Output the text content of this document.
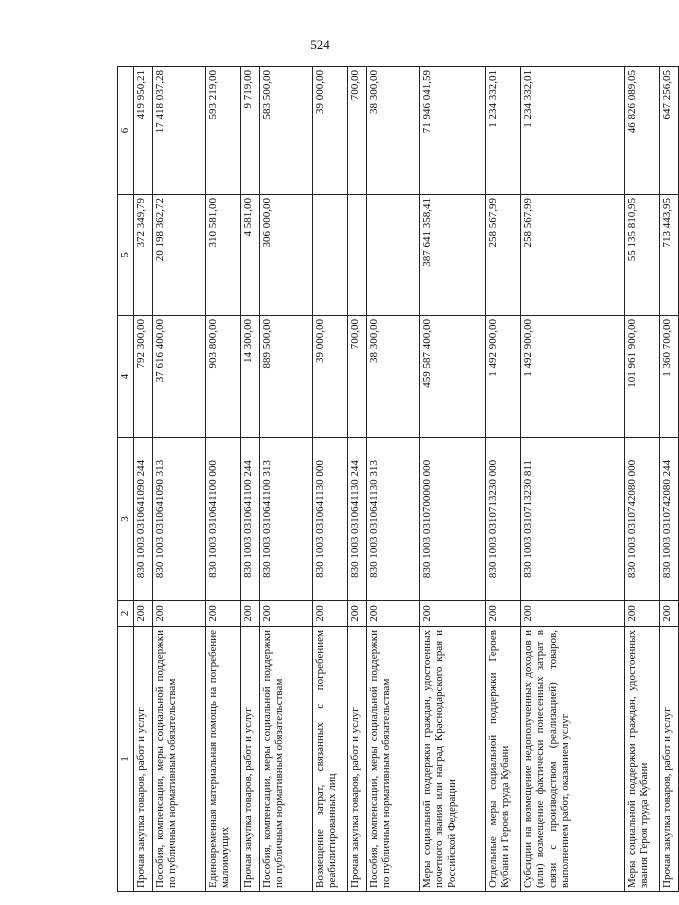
524
1	2	3	4	5	6
Прочая закупка товаров, работ и услуг	200	830 1003 0310641090 244	792 300,00	372 349,79	419 950,21
Пособия, компенсации, меры социальной поддержки по публичным нормативным обязательствам	200	830 1003 0310641090 313	37 616 400,00	20 198 362,72	17 418 037,28
Единовременная материальная помощь на погребение малоимущих	200	830 1003 0310641100 000	903 800,00	310 581,00	593 219,00
Прочая закупка товаров, работ и услуг	200	830 1003 0310641100 244	14 300,00	4 581,00	9 719,00
Пособия, компенсации, меры социальной поддержки по публичным нормативным обязательствам	200	830 1003 0310641100 313	889 500,00	306 000,00	583 500,00
Возмещение затрат, связанных с погребением реабилитированных лиц	200	830 1003 0310641130 000	39 000,00		39 000,00
Прочая закупка товаров, работ и услуг	200	830 1003 0310641130 244	700,00		700,00
Пособия, компенсации, меры социальной поддержки по публичным нормативным обязательствам	200	830 1003 0310641130 313	38 300,00		38 300,00
Меры социальной поддержки граждан, удостоенных почетного звания или наград Краснодарского края и Российской Федерации	200	830 1003 0310700000 000	459 587 400,00	387 641 358,41	71 946 041,59
Отдельные меры социальной поддержки Героев Кубани и Героев труда Кубани	200	830 1003 0310713230 000	1 492 900,00	258 567,99	1 234 332,01
Субсидии на возмещение недополученных доходов и (или) возмещение фактически понесенных затрат в связи с производством (реализацией) товаров, выполнением работ, оказанием услуг	200	830 1003 0310713230 811	1 492 900,00	258 567,99	1 234 332,01
Меры социальной поддержки граждан, удостоенных звания Героя труда Кубани	200	830 1003 0310742080 000	101 961 900,00	55 135 810,95	46 826 089,05
Прочая закупка товаров, работ и услуг	200	830 1003 0310742080 244	1 360 700,00	713 443,95	647 256,05
